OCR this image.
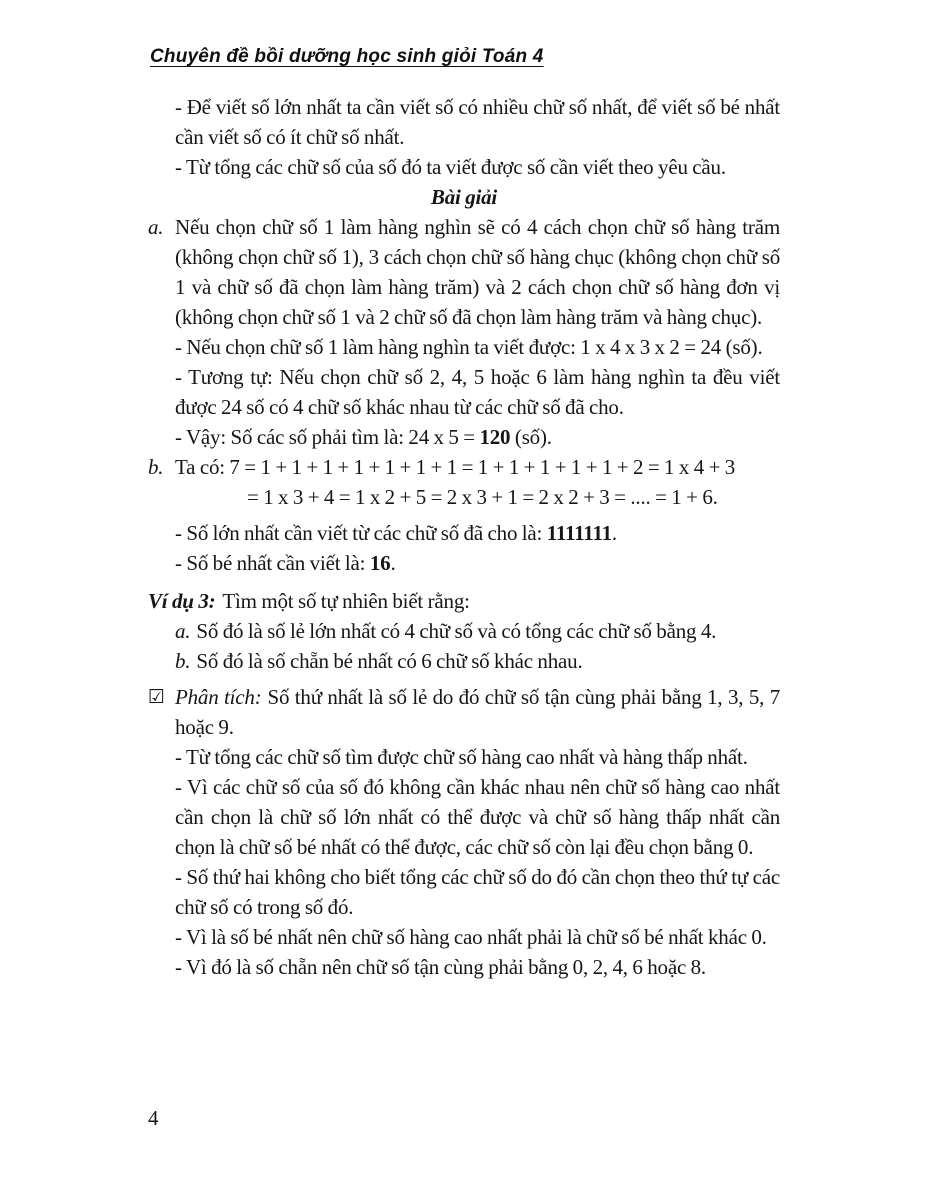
Chuyên đề bồi dưỡng học sinh giỏi Toán 4

- Để viết số lớn nhất ta cần viết số có nhiều chữ số nhất, để viết số bé nhất cần viết số có ít chữ số nhất.

- Từ tổng các chữ số của số đó ta viết được số cần viết theo yêu cầu.

Bài giải

a. Nếu chọn chữ số 1 làm hàng nghìn sẽ có 4 cách chọn chữ số hàng trăm (không chọn chữ số 1), 3 cách chọn chữ số hàng chục (không chọn chữ số 1 và chữ số đã chọn làm hàng trăm) và 2 cách chọn chữ số hàng đơn vị (không chọn chữ số 1 và 2 chữ số đã chọn làm hàng trăm và hàng chục).

- Nếu chọn chữ số 1 làm hàng nghìn ta viết được: 1 x 4 x 3 x 2 = 24 (số).

- Tương tự: Nếu chọn chữ số 2, 4, 5 hoặc 6 làm hàng nghìn ta đều viết được 24 số có 4 chữ số khác nhau từ các chữ số đã cho.

- Vậy: Số các số phải tìm là: 24 x 5 = 120 (số).

b. Ta có: 7 = 1 + 1 + 1 + 1 + 1 + 1 + 1 = 1 + 1 + 1 + 1 + 1 + 2 = 1 x 4 + 3
= 1 x 3 + 4 = 1 x 2 + 5 = 2 x 3 + 1 = 2 x 2 + 3 = .... = 1 + 6.

- Số lớn nhất cần viết từ các chữ số đã cho là: 1111111.

- Số bé nhất cần viết là: 16.

Ví dụ 3: Tìm một số tự nhiên biết rằng:

a. Số đó là số lẻ lớn nhất có 4 chữ số và có tổng các chữ số bằng 4.

b. Số đó là số chẵn bé nhất có 6 chữ số khác nhau.

☑ Phân tích: Số thứ nhất là số lẻ do đó chữ số tận cùng phải bằng 1, 3, 5, 7 hoặc 9.

- Từ tổng các chữ số tìm được chữ số hàng cao nhất và hàng thấp nhất.

- Vì các chữ số của số đó không cần khác nhau nên chữ số hàng cao nhất cần chọn là chữ số lớn nhất có thể được và chữ số hàng thấp nhất cần chọn là chữ số bé nhất có thể được, các chữ số còn lại đều chọn bằng 0.

- Số thứ hai không cho biết tổng các chữ số do đó cần chọn theo thứ tự các chữ số có trong số đó.

- Vì là số bé nhất nên chữ số hàng cao nhất phải là chữ số bé nhất khác 0.

- Vì đó là số chẵn nên chữ số tận cùng phải bằng 0, 2, 4, 6 hoặc 8.

4
